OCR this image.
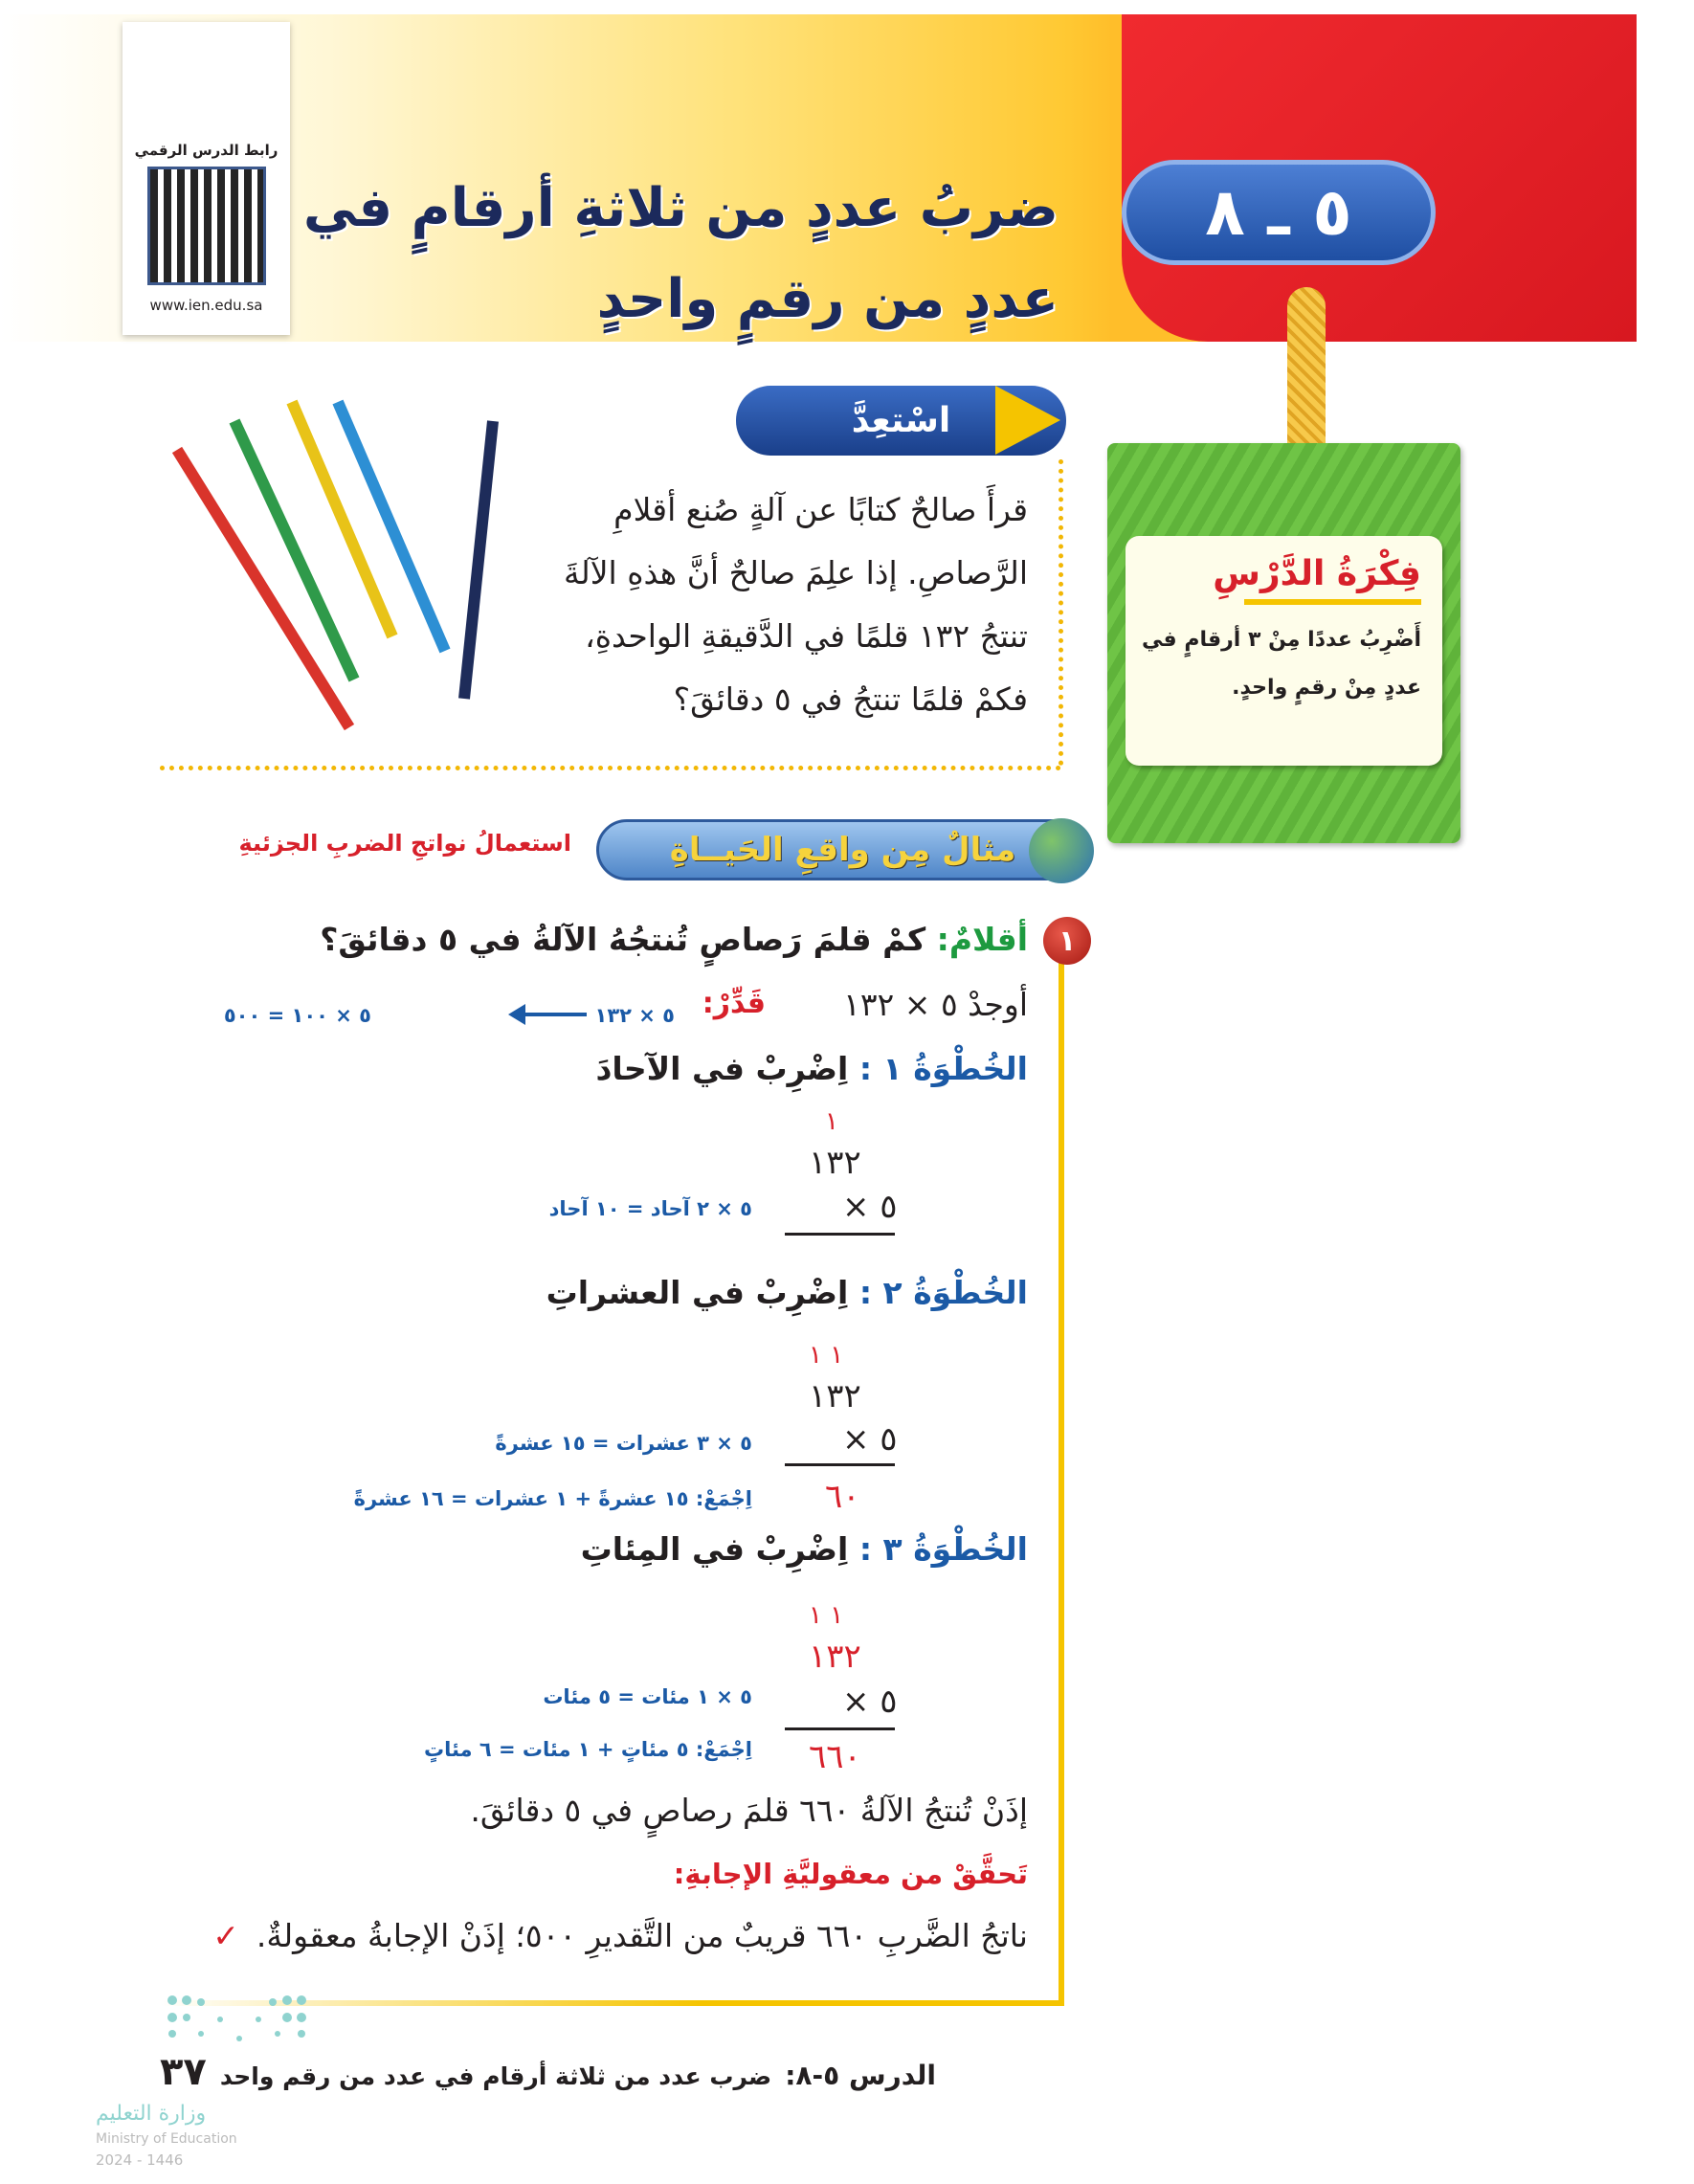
رابط الدرس الرقمي
www.ien.edu.sa
ضربُ عددٍ من ثلاثةِ أرقامٍ في
عددٍ من رقمٍ واحدٍ
٥ ـ ٨
فِكْرَةُ الدَّرْسِ
أَضْرِبُ عددًا مِنْ ٣ أرقامٍ في
عددٍ مِنْ رقمٍ واحدٍ.
اسْتعِدَّ
قرأَ صالحٌ كتابًا عن آلةٍ صُنع أقلامِ
الرَّصاصِ. إذا علِمَ صالحٌ أنَّ هذهِ الآلةَ
تنتجُ ١٣٢ قلمًا في الدَّقيقةِ الواحدةِ،
فكمْ قلمًا تنتجُ في ٥ دقائقَ؟
مثالٌ مِن واقعِ الحَيــاةِ
استعمالُ نواتجِ الضربِ الجزئيةِ
١
أقلامٌ: كمْ قلمَ رَصاصٍ تُنتجُهُ الآلةُ في ٥ دقائقَ؟
أوجدْ ٥ × ١٣٢
قَدِّرْ:
٥ × ١٣٢
٥ × ١٠٠ = ٥٠٠
الخُطْوَةُ ١ : اِضْرِبْ في الآحادَ
١
١٣٢
٥ ×
٥ × ٢ آحاد = ١٠ آحاد
الخُطْوَةُ ٢ : اِضْرِبْ في العشراتِ
١ ١
١٣٢
٥ ×
٦٠
٥ × ٣ عشرات = ١٥ عشرةً
اِجْمَعْ: ١٥ عشرةً + ١ عشرات = ١٦ عشرةً
الخُطْوَةُ ٣ : اِضْرِبْ في المِئاتِ
١ ١
١٣٢
٥ ×
٦٦٠
٥ × ١ مئات = ٥ مئات
اِجْمَعْ: ٥ مئاتٍ + ١ مئات = ٦ مئاتٍ
إذَنْ تُنتجُ الآلةُ ٦٦٠ قلمَ رصاصٍ في ٥ دقائقَ.
تَحقَّقْ من معقوليَّةِ الإجابةِ:
ناتجُ الضَّربِ ٦٦٠ قريبٌ من التَّقديرِ ٥٠٠؛ إذَنْ الإجابةُ معقولةٌ.
✓
الدرس ٥-٨:
ضرب عدد من ثلاثة أرقام في عدد من رقم واحد
٣٧
وزارة التعليم
Ministry of Education
2024 - 1446
